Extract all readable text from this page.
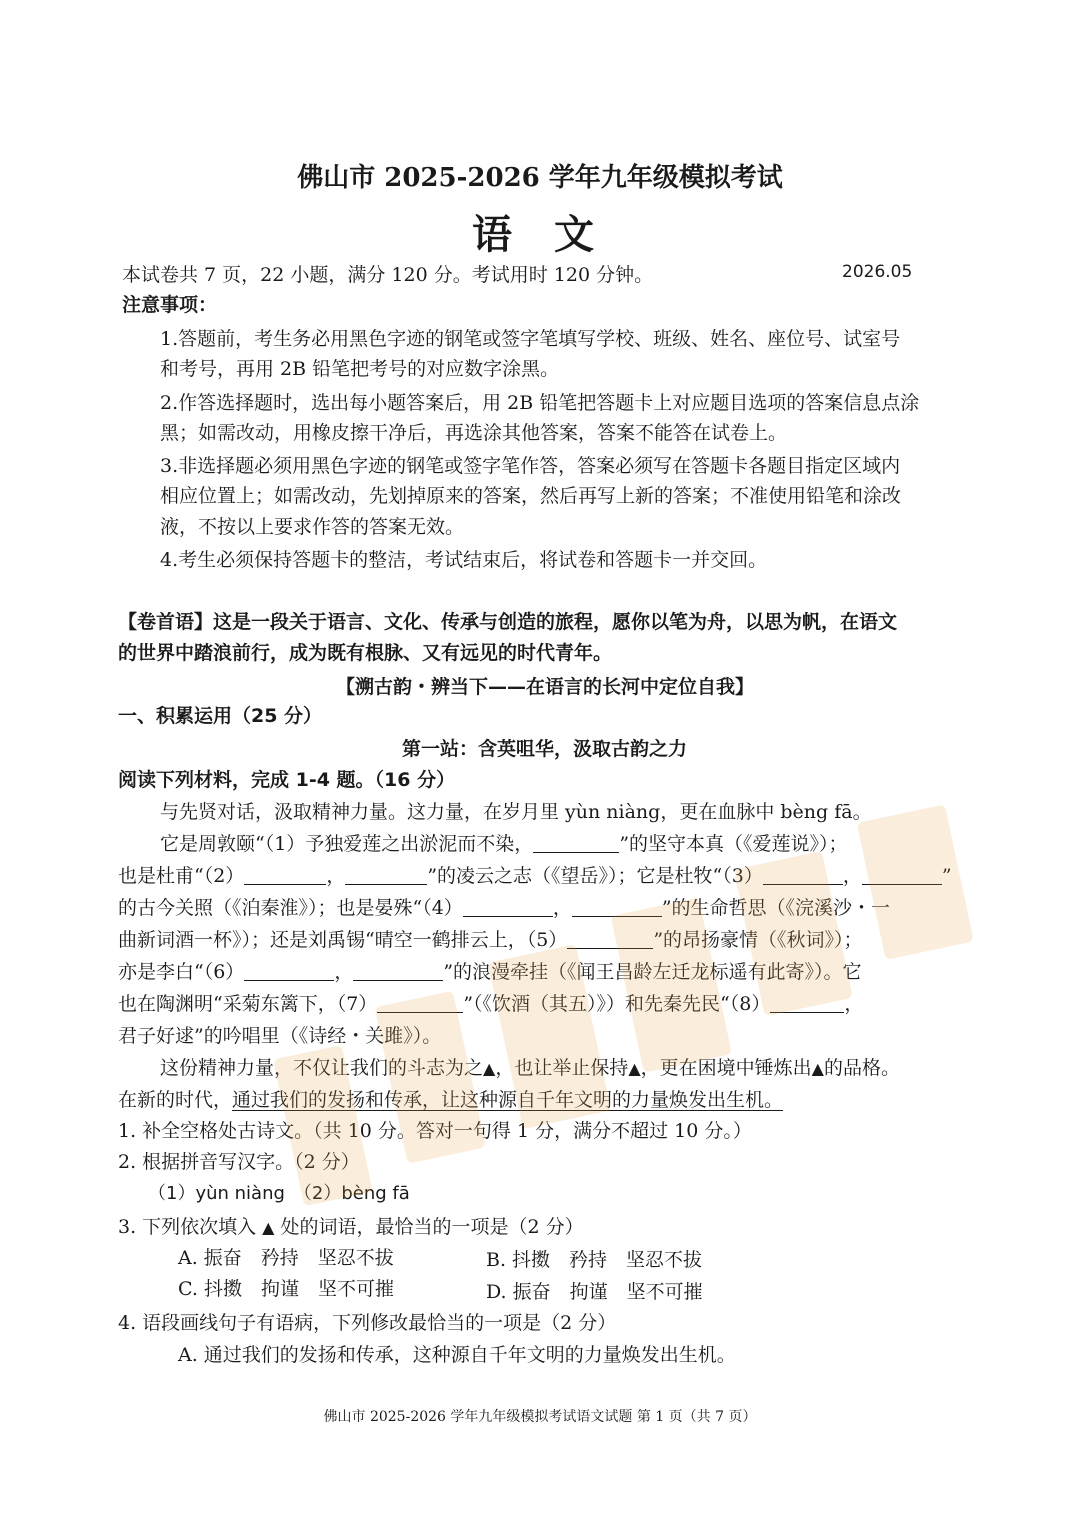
佛山市 2025-2026 学年九年级模拟考试
语 文
本试卷共 7 页，22 小题，满分 120 分。考试用时 120 分钟。	2026.05
注意事项：
1.答题前，考生务必用黑色字迹的钢笔或签字笔填写学校、班级、姓名、座位号、试室号
和考号，再用 2B 铅笔把考号的对应数字涂黑。
2.作答选择题时，选出每小题答案后，用 2B 铅笔把答题卡上对应题目选项的答案信息点涂
黑；如需改动，用橡皮擦干净后，再选涂其他答案，答案不能答在试卷上。
3.非选择题必须用黑色字迹的钢笔或签字笔作答，答案必须写在答题卡各题目指定区域内
相应位置上；如需改动，先划掉原来的答案，然后再写上新的答案；不准使用铅笔和涂改
液，不按以上要求作答的答案无效。
4.考生必须保持答题卡的整洁，考试结束后，将试卷和答题卡一并交回。
【卷首语】这是一段关于语言、文化、传承与创造的旅程，愿你以笔为舟，以思为帆，在语文
的世界中踏浪前行，成为既有根脉、又有远见的时代青年。
【溯古韵・辨当下——在语言的长河中定位自我】
一、积累运用（25 分）
第一站：含英咀华，汲取古韵之力
阅读下列材料，完成 1-4 题。（16 分）
与先贤对话，汲取精神力量。这力量，在岁月里 yùn niàng，更在血脉中 bèng fā。
它是周敦颐“（1）予独爱莲之出淤泥而不染，	”的坚守本真（《爱莲说》）；
也是杜甫“（2）	，	”的凌云之志（《望岳》）；它是杜牧“（3）	，	”
的古今关照（《泊秦淮》）；也是晏殊“（4）	，	”的生命哲思（《浣溪沙・一
曲新词酒一杯》）；还是刘禹锡“晴空一鹤排云上，（5）	”的昂扬豪情（《秋词》）；
亦是李白“（6）	，	”的浪漫牵挂（《闻王昌龄左迁龙标遥有此寄》）。它
也在陶渊明“采菊东篱下，（7）	”（《饮酒（其五）》）和先秦先民“（8）	，
君子好逑”的吟唱里（《诗经・关雎》）。
这份精神力量，不仅让我们的斗志为之▲，也让举止保持▲，更在困境中锤炼出▲的品格。
在新的时代，通过我们的发扬和传承，让这种源自千年文明的力量焕发出生机。
1. 补全空格处古诗文。（共 10 分。答对一句得 1 分，满分不超过 10 分。）
2. 根据拼音写汉字。（2 分）
（1）yùn niàng　（2）bèng fā
3. 下列依次填入 ▲ 处的词语，最恰当的一项是（2 分）
A. 振奋　矜持　坚忍不拔	B. 抖擞　矜持　坚忍不拔
C. 抖擞　拘谨　坚不可摧	D. 振奋　拘谨　坚不可摧
4. 语段画线句子有语病，下列修改最恰当的一项是（2 分）
A. 通过我们的发扬和传承，这种源自千年文明的力量焕发出生机。
佛山市 2025-2026 学年九年级模拟考试语文试题 第 1 页（共 7 页）
